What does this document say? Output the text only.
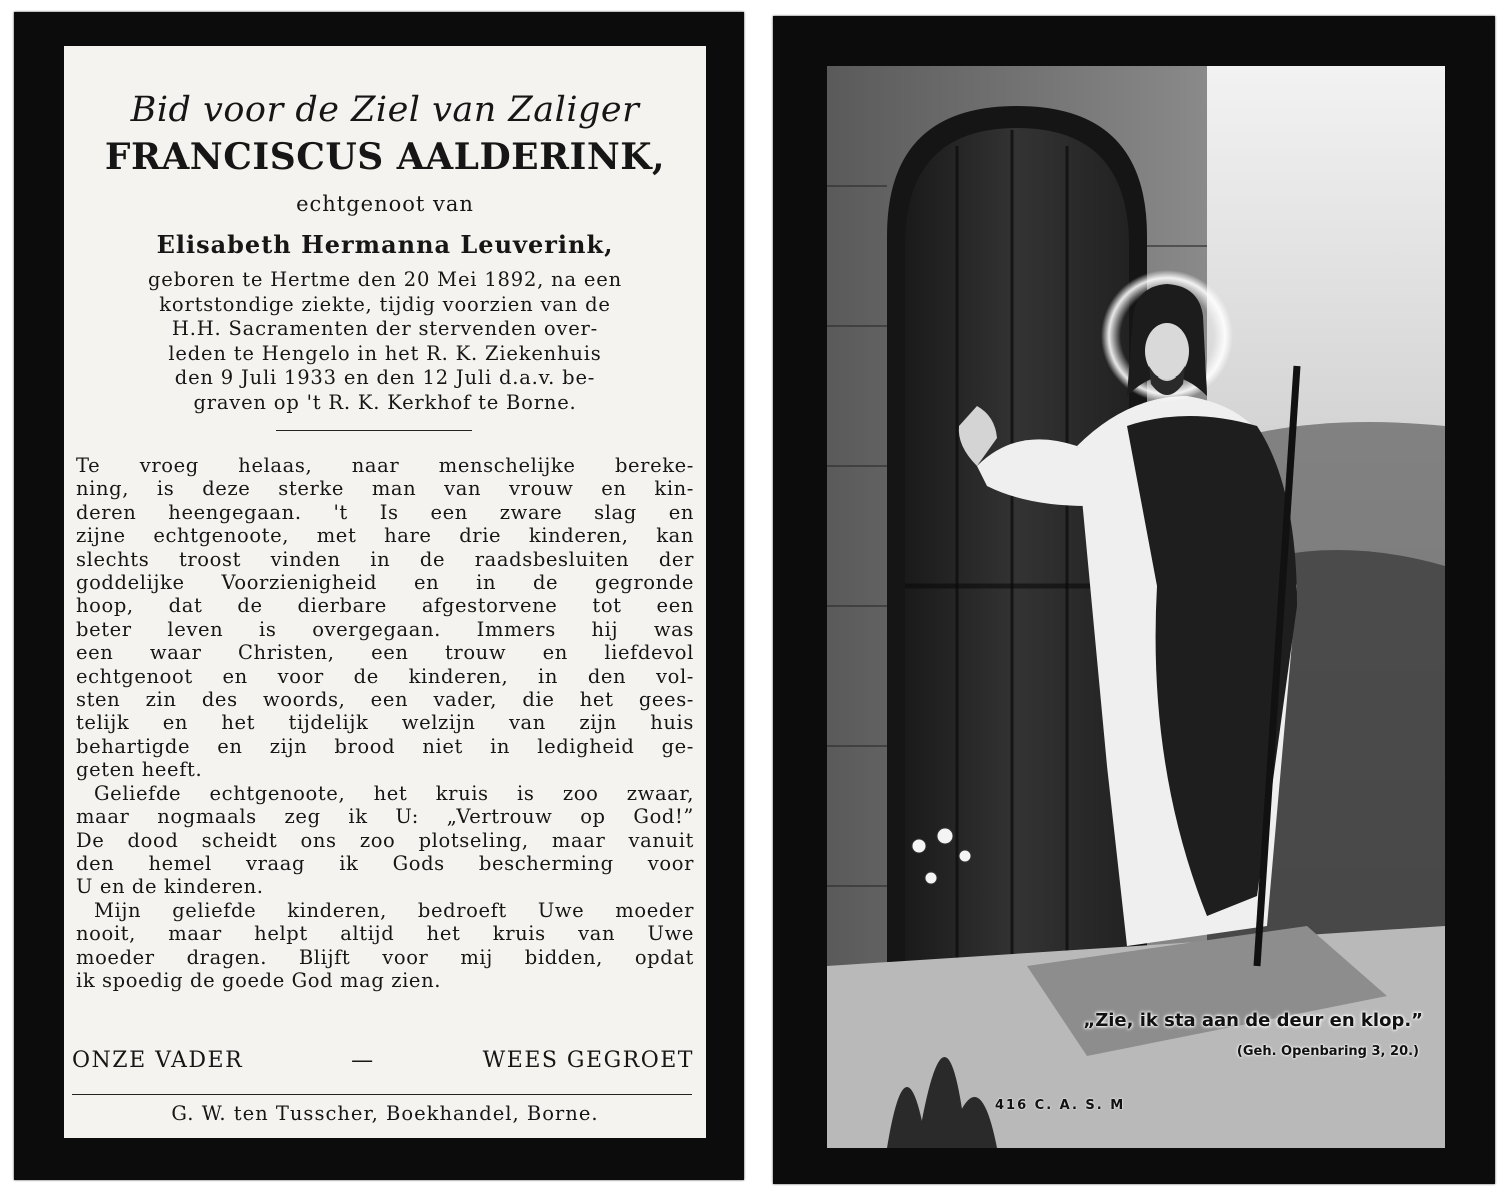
Bid voor de Ziel van Zaliger
FRANCISCUS AALDERINK,
echtgenoot van
Elisabeth Hermanna Leuverink,
geboren te Hertme den 20 Mei 1892, na een
kortstondige ziekte, tijdig voorzien van de
H.H. Sacramenten der stervenden over-
leden te Hengelo in het R. K. Ziekenhuis
den 9 Juli 1933 en den 12 Juli d.a.v. be-
graven op 't R. K. Kerkhof te Borne.
Te vroeg helaas, naar menschelijke bereke-
ning, is deze sterke man van vrouw en kin-
deren heengegaan. 't Is een zware slag en
zijne echtgenoote, met hare drie kinderen, kan
slechts troost vinden in de raadsbesluiten der
goddelijke Voorzienigheid en in de gegronde
hoop, dat de dierbare afgestorvene tot een
beter leven is overgegaan. Immers hij was
een waar Christen, een trouw en liefdevol
echtgenoot en voor de kinderen, in den vol-
sten zin des woords, een vader, die het gees-
telijk en het tijdelijk welzijn van zijn huis
behartigde en zijn brood niet in ledigheid ge-
geten heeft.
Geliefde echtgenoote, het kruis is zoo zwaar,
maar nogmaals zeg ik U: „Vertrouw op God!”
De dood scheidt ons zoo plotseling, maar vanuit
den hemel vraag ik Gods bescherming voor
U en de kinderen.
Mijn geliefde kinderen, bedroeft Uwe moeder
nooit, maar helpt altijd het kruis van Uwe
moeder dragen. Blijft voor mij bidden, opdat
ik spoedig de goede God mag zien.
ONZE VADER	—	WEES GEGROET
G. W. ten Tusscher, Boekhandel, Borne.
„Zie, ik sta aan de deur en klop.”
(Geh. Openbaring 3, 20.)
416 C. A. S. M
